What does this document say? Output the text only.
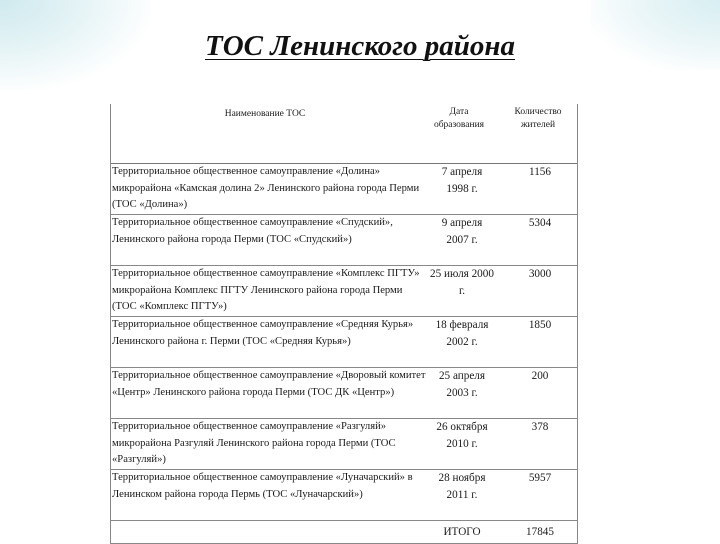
ТОС Ленинского района
Наименование ТОС	Дата образования	Количество жителей
Территориальное общественное самоуправление «Долина» микрорайона «Камская долина 2» Ленинского района города Перми (ТОС «Долина»)	7 апреля 1998 г.	1156
Территориальное общественное самоуправление «Спудский», Ленинского района города Перми (ТОС «Спудский»)	9 апреля 2007 г.	5304
Территориальное общественное самоуправление «Комплекс ПГТУ» микрорайона Комплекс ПГТУ Ленинского района города Перми (ТОС «Комплекс ПГТУ»)	25 июля 2000 г.	3000
Территориальное общественное самоуправление «Средняя Курья» Ленинского района г. Перми (ТОС «Средняя Курья»)	18 февраля 2002 г.	1850
Территориальное общественное самоуправление «Дворовый комитет «Центр» Ленинского района города Перми (ТОС ДК «Центр»)	25 апреля 2003 г.	200
Территориальное общественное самоуправление «Разгуляй» микрорайона Разгуляй Ленинского района города Перми (ТОС «Разгуляй»)	26 октября 2010 г.	378
Территориальное общественное самоуправление «Луначарский» в Ленинском района города Пермь (ТОС «Луначарский»)	28 ноября 2011 г.	5957
	ИТОГО	17845
